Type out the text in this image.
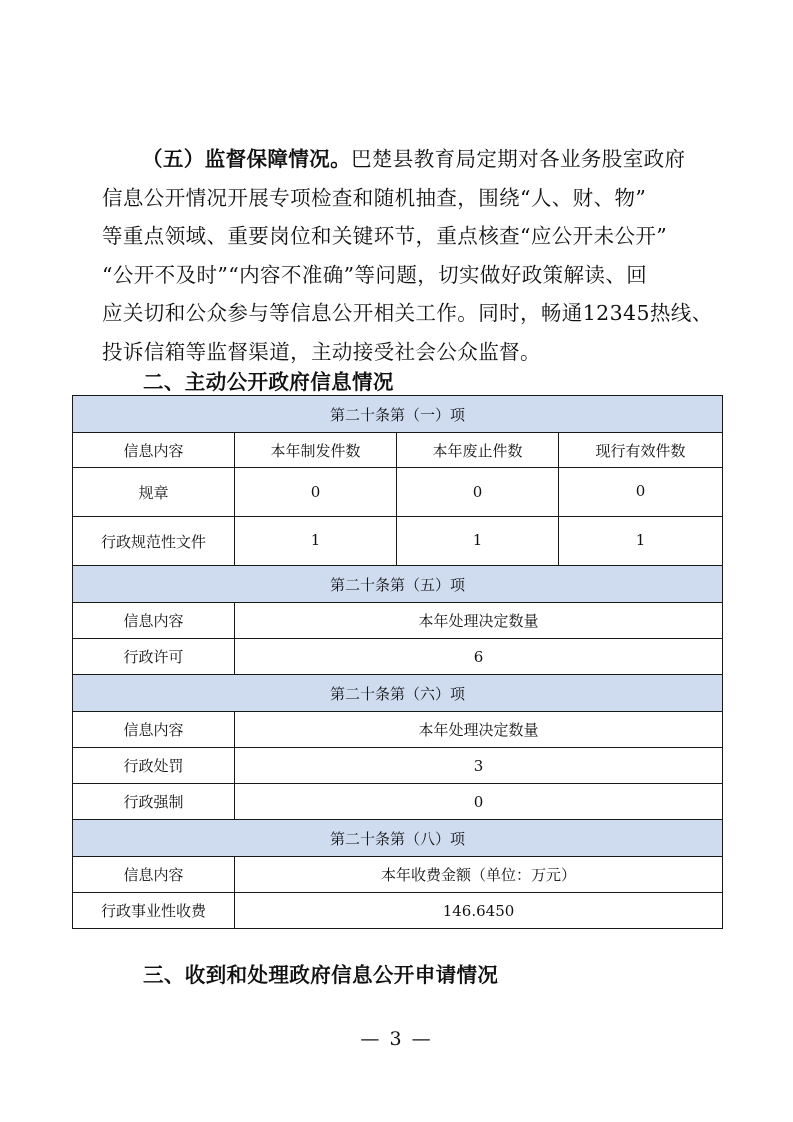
（五）监督保障情况。巴楚县教育局定期对各业务股室政府
信息公开情况开展专项检查和随机抽查，围绕“人、财、物”
等重点领域、重要岗位和关键环节，重点核查“应公开未公开”
“公开不及时”“内容不准确”等问题，切实做好政策解读、回
应关切和公众参与等信息公开相关工作。同时，畅通12345热线、
投诉信箱等监督渠道，主动接受社会公众监督。
二、主动公开政府信息情况
第二十条第（一）项			
信息内容	本年制发件数	本年废止件数	现行有效件数
规章	0	0	0
行政规范性文件	1	1	1
第二十条第（五）项			
信息内容	本年处理决定数量		
行政许可	6		
第二十条第（六）项			
信息内容	本年处理决定数量		
行政处罚	3		
行政强制	0		
第二十条第（八）项			
信息内容	本年收费金额（单位：万元）		
行政事业性收费	146.6450		
三、收到和处理政府信息公开申请情况
— 3 —
